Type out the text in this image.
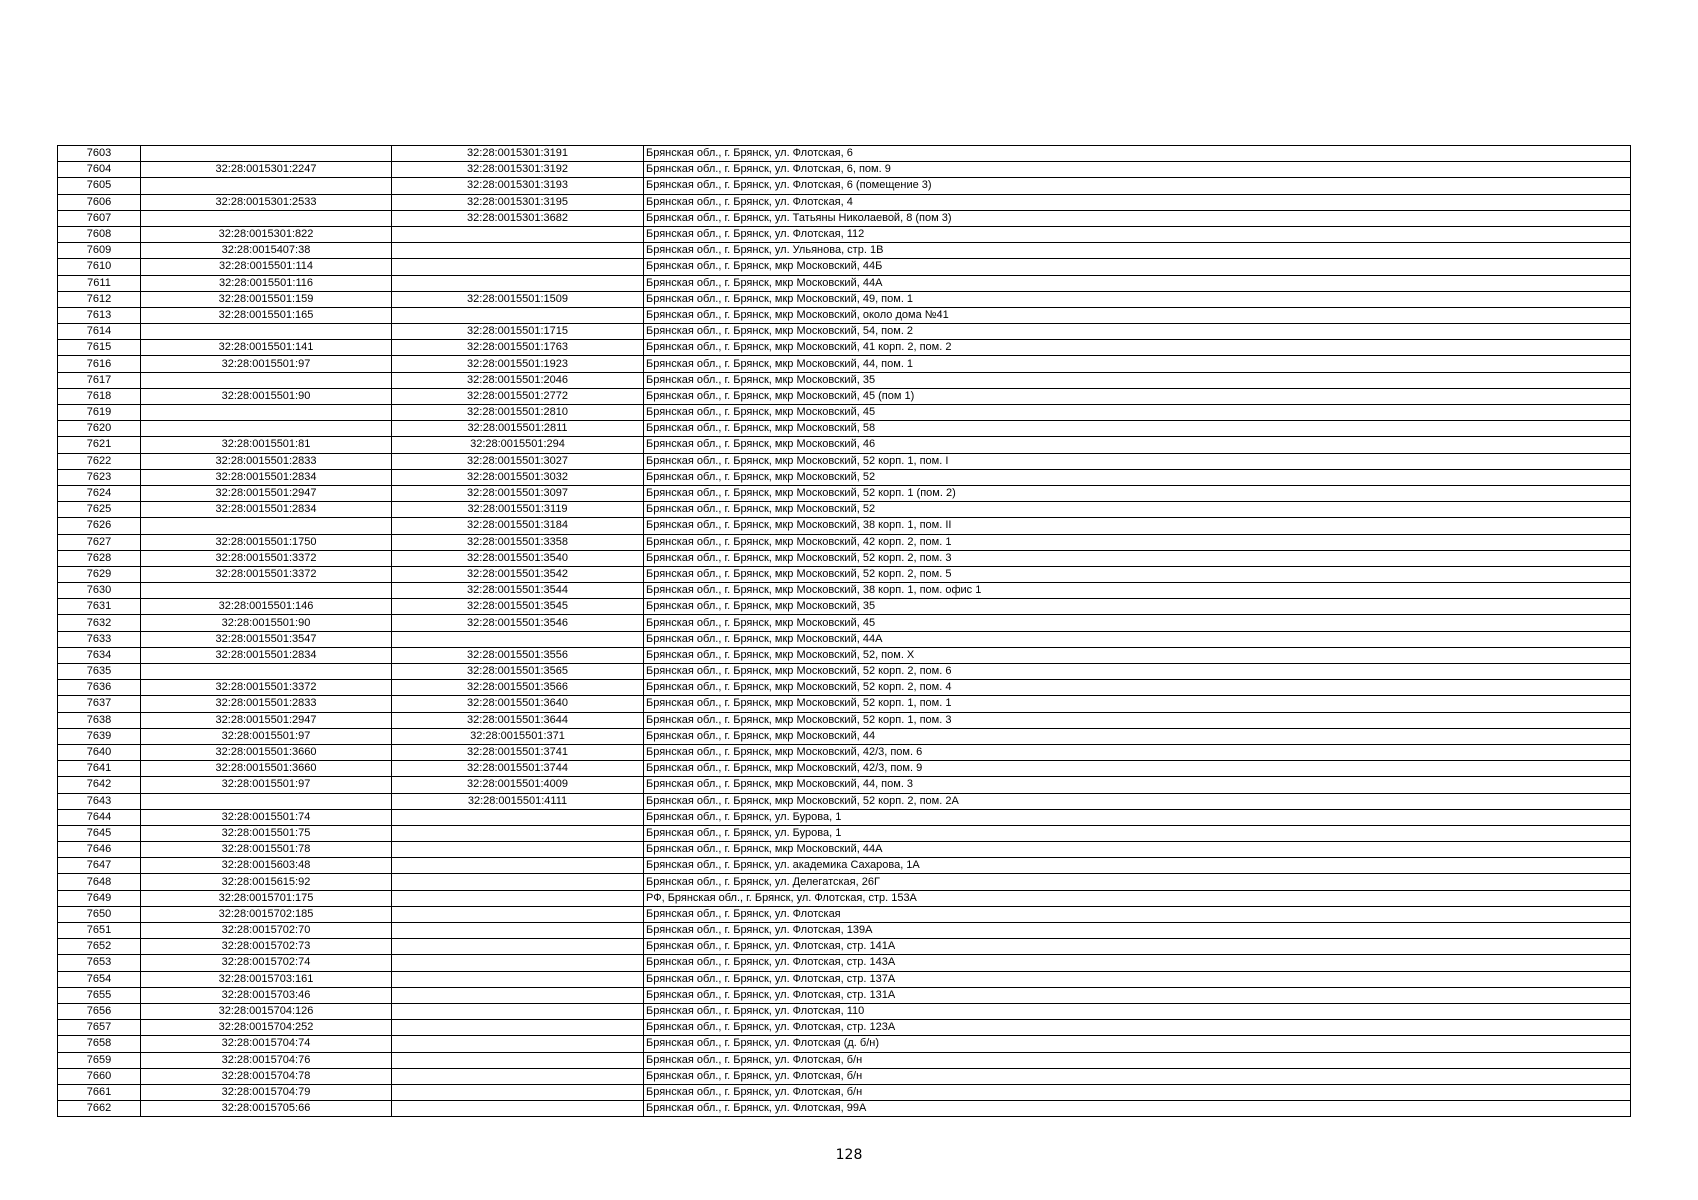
7603		32:28:0015301:3191	Брянская обл., г. Брянск, ул. Флотская, 6
7604	32:28:0015301:2247	32:28:0015301:3192	Брянская обл., г. Брянск, ул. Флотская, 6, пом. 9
7605		32:28:0015301:3193	Брянская обл., г. Брянск, ул. Флотская, 6 (помещение 3)
7606	32:28:0015301:2533	32:28:0015301:3195	Брянская обл., г. Брянск, ул. Флотская, 4
7607		32:28:0015301:3682	Брянская обл., г. Брянск, ул. Татьяны Николаевой, 8 (пом 3)
7608	32:28:0015301:822		Брянская обл., г. Брянск, ул. Флотская, 112
7609	32:28:0015407:38		Брянская обл., г. Брянск, ул. Ульянова, стр. 1В
7610	32:28:0015501:114		Брянская обл., г. Брянск, мкр Московский, 44Б
7611	32:28:0015501:116		Брянская обл., г. Брянск, мкр Московский, 44А
7612	32:28:0015501:159	32:28:0015501:1509	Брянская обл., г. Брянск, мкр Московский, 49, пом. 1
7613	32:28:0015501:165		Брянская обл., г. Брянск, мкр Московский, около дома №41
7614		32:28:0015501:1715	Брянская обл., г. Брянск, мкр Московский, 54, пом. 2
7615	32:28:0015501:141	32:28:0015501:1763	Брянская обл., г. Брянск, мкр Московский, 41 корп. 2, пом. 2
7616	32:28:0015501:97	32:28:0015501:1923	Брянская обл., г. Брянск, мкр Московский, 44, пом. 1
7617		32:28:0015501:2046	Брянская обл., г. Брянск, мкр Московский, 35
7618	32:28:0015501:90	32:28:0015501:2772	Брянская обл., г. Брянск, мкр Московский, 45 (пом 1)
7619		32:28:0015501:2810	Брянская обл., г. Брянск, мкр Московский, 45
7620		32:28:0015501:2811	Брянская обл., г. Брянск, мкр Московский, 58
7621	32:28:0015501:81	32:28:0015501:294	Брянская обл., г. Брянск, мкр Московский, 46
7622	32:28:0015501:2833	32:28:0015501:3027	Брянская обл., г. Брянск, мкр Московский, 52 корп. 1, пом. I
7623	32:28:0015501:2834	32:28:0015501:3032	Брянская обл., г. Брянск, мкр Московский, 52
7624	32:28:0015501:2947	32:28:0015501:3097	Брянская обл., г. Брянск, мкр Московский, 52 корп. 1 (пом. 2)
7625	32:28:0015501:2834	32:28:0015501:3119	Брянская обл., г. Брянск, мкр Московский, 52
7626		32:28:0015501:3184	Брянская обл., г. Брянск, мкр Московский, 38 корп. 1, пом. II
7627	32:28:0015501:1750	32:28:0015501:3358	Брянская обл., г. Брянск, мкр Московский, 42 корп. 2, пом. 1
7628	32:28:0015501:3372	32:28:0015501:3540	Брянская обл., г. Брянск, мкр Московский, 52 корп. 2, пом. 3
7629	32:28:0015501:3372	32:28:0015501:3542	Брянская обл., г. Брянск, мкр Московский, 52 корп. 2, пом. 5
7630		32:28:0015501:3544	Брянская обл., г. Брянск, мкр Московский, 38 корп. 1, пом. офис 1
7631	32:28:0015501:146	32:28:0015501:3545	Брянская обл., г. Брянск, мкр Московский, 35
7632	32:28:0015501:90	32:28:0015501:3546	Брянская обл., г. Брянск, мкр Московский, 45
7633	32:28:0015501:3547		Брянская обл., г. Брянск, мкр Московский, 44А
7634	32:28:0015501:2834	32:28:0015501:3556	Брянская обл., г. Брянск, мкр Московский, 52, пом. X
7635		32:28:0015501:3565	Брянская обл., г. Брянск, мкр Московский, 52 корп. 2, пом. 6
7636	32:28:0015501:3372	32:28:0015501:3566	Брянская обл., г. Брянск, мкр Московский, 52 корп. 2, пом. 4
7637	32:28:0015501:2833	32:28:0015501:3640	Брянская обл., г. Брянск, мкр Московский, 52 корп. 1, пом. 1
7638	32:28:0015501:2947	32:28:0015501:3644	Брянская обл., г. Брянск, мкр Московский, 52 корп. 1, пом. 3
7639	32:28:0015501:97	32:28:0015501:371	Брянская обл., г. Брянск, мкр Московский, 44
7640	32:28:0015501:3660	32:28:0015501:3741	Брянская обл., г. Брянск, мкр Московский, 42/3, пом. 6
7641	32:28:0015501:3660	32:28:0015501:3744	Брянская обл., г. Брянск, мкр Московский, 42/3, пом. 9
7642	32:28:0015501:97	32:28:0015501:4009	Брянская обл., г. Брянск, мкр Московский, 44, пом. 3
7643		32:28:0015501:4111	Брянская обл., г. Брянск, мкр Московский, 52 корп. 2, пом. 2А
7644	32:28:0015501:74		Брянская обл., г. Брянск, ул. Бурова, 1
7645	32:28:0015501:75		Брянская обл., г. Брянск, ул. Бурова, 1
7646	32:28:0015501:78		Брянская обл., г. Брянск, мкр Московский, 44А
7647	32:28:0015603:48		Брянская обл., г. Брянск, ул. академика Сахарова, 1А
7648	32:28:0015615:92		Брянская обл., г. Брянск, ул. Делегатская, 26Г
7649	32:28:0015701:175		РФ, Брянская обл., г. Брянск, ул. Флотская, стр. 153А
7650	32:28:0015702:185		Брянская обл., г. Брянск, ул. Флотская
7651	32:28:0015702:70		Брянская обл., г. Брянск, ул. Флотская, 139А
7652	32:28:0015702:73		Брянская обл., г. Брянск, ул. Флотская, стр. 141А
7653	32:28:0015702:74		Брянская обл., г. Брянск, ул. Флотская, стр. 143А
7654	32:28:0015703:161		Брянская обл., г. Брянск, ул. Флотская, стр. 137А
7655	32:28:0015703:46		Брянская обл., г. Брянск, ул. Флотская, стр. 131А
7656	32:28:0015704:126		Брянская обл., г. Брянск, ул. Флотская, 110
7657	32:28:0015704:252		Брянская обл., г. Брянск, ул. Флотская, стр. 123А
7658	32:28:0015704:74		Брянская обл., г. Брянск, ул. Флотская (д. б/н)
7659	32:28:0015704:76		Брянская обл., г. Брянск, ул. Флотская, б/н
7660	32:28:0015704:78		Брянская обл., г. Брянск, ул. Флотская, б/н
7661	32:28:0015704:79		Брянская обл., г. Брянск, ул. Флотская, б/н
7662	32:28:0015705:66		Брянская обл., г. Брянск, ул. Флотская, 99А
128
